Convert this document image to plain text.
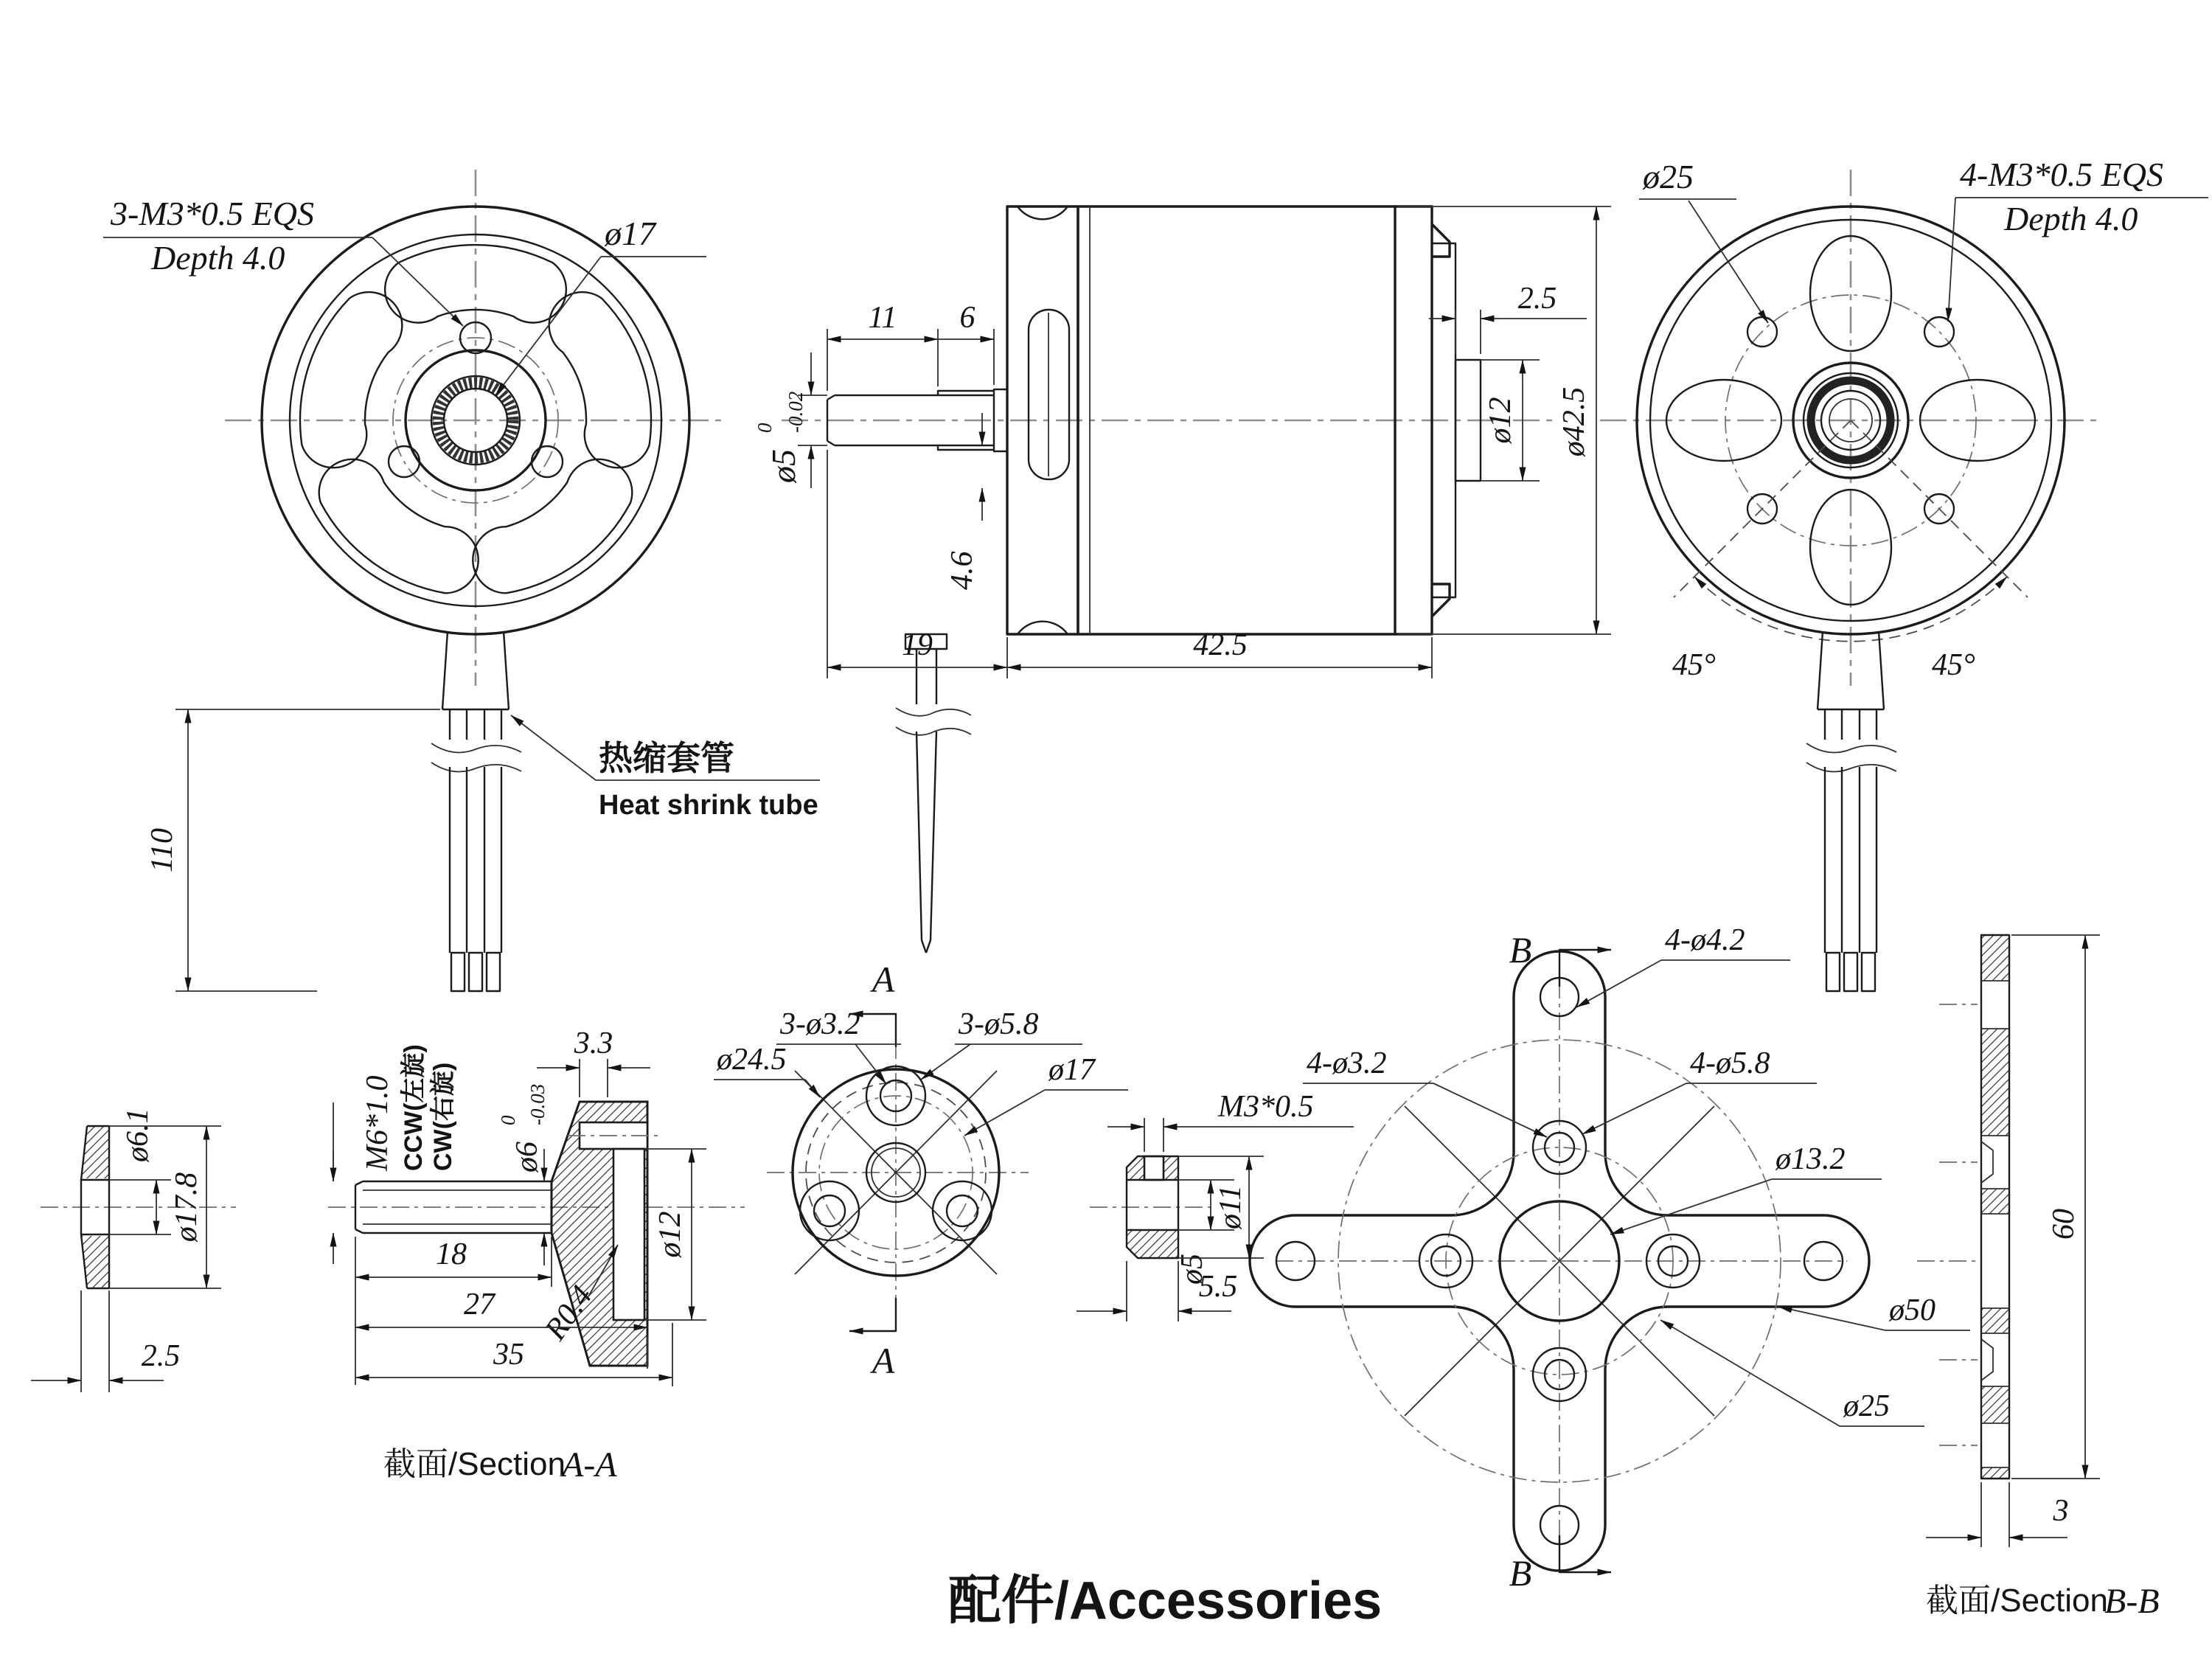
110
热缩套管
Heat shrink tube
3-M3*0.5 EQS
Depth 4.0
ø17
11 6
ø5
0 -0.02
4.6
2.5
ø12 ø42.5
19	42.5
45°	45°
ø25	4-M3*0.5 EQS
Depth 4.0
ø6.1
ø17.8
2.5
M6*1.0 CCW(左旋) CW(右旋) ø6
0 -0.03
3.3
ø12
R0.4
18
27
35
截面/Section
A-A
A
A
ø24.5
3-ø3.2	3-ø5.8
ø17
M3*0.5
ø5
ø11
5.5
B
B
4-ø4.2
4-ø3.2	4-ø5.8
ø13.2
ø50
ø25
60
3
截面/Section
B-B
配件/Accessories
